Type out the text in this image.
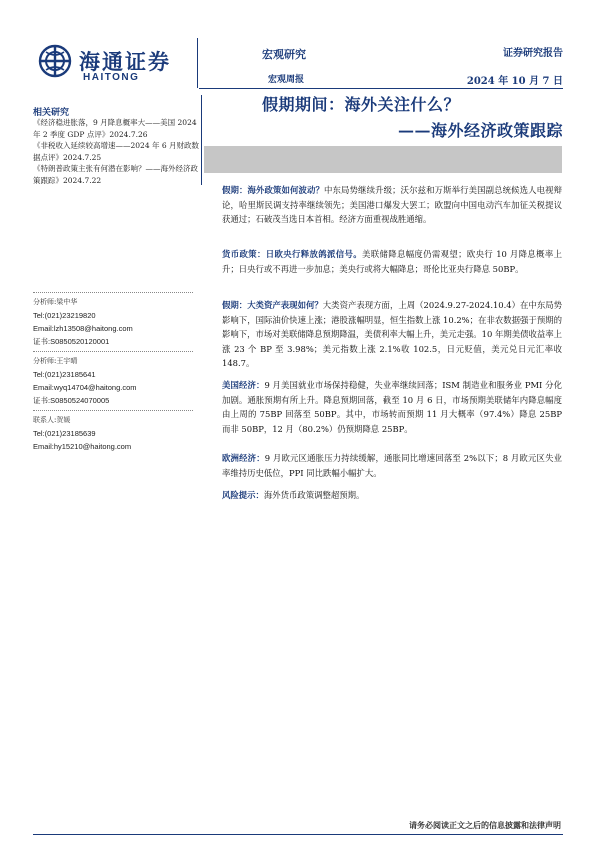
海通证券
HAITONG
宏观研究
宏观周报
证券研究报告
2024 年 10 月 7 日
假期期间：海外关注什么？
——海外经济政策跟踪
相关研究
《经济稳进胀落，9 月降息概率大——美国 2024 年 2 季度 GDP 点评》2024.7.26
《非税收入延续较高增速——2024 年 6 月财政数据点评》2024.7.25
《特朗普政策主张有何潜在影响？——海外经济政策跟踪》2024.7.22
分析师:梁中华
Tel:(021)23219820
Email:lzh13508@haitong.com
证书:S0850520120001
分析师:王宇晴
Tel:(021)23185641
Email:wyq14704@haitong.com
证书:S0850524070005
联系人:贺媛
Tel:(021)23185639
Email:hy15210@haitong.com
假期：海外政策如何波动？中东局势继续升级；沃尔兹和万斯举行美国副总统候选人电视辩论，哈里斯民调支持率继续领先；美国港口爆发大罢工；欧盟向中国电动汽车加征关税提议获通过；石破茂当选日本首相。经济方面重视战胜通缩。
货币政策：日欧央行释放鸽派信号。美联储降息幅度仍需观望；欧央行 10 月降息概率上升；日央行或不再进一步加息；美央行或将大幅降息；哥伦比亚央行降息 50BP。
假期：大类资产表现如何？大类资产表现方面，上周（2024.9.27-2024.10.4）在中东局势影响下，国际油价快速上涨；港股涨幅明显，恒生指数上涨 10.2%；在非农数据强于预期的影响下，市场对美联储降息预期降温，美债利率大幅上升，美元走强。10 年期美债收益率上涨 23 个 BP 至 3.98%；美元指数上涨 2.1%收 102.5，日元贬值，美元兑日元汇率收 148.7。
美国经济：9 月美国就业市场保持稳健，失业率继续回落；ISM 制造业和服务业 PMI 分化加剧。通胀预期有所上升。降息预期回落，截至 10 月 6 日，市场预期美联储年内降息幅度由上周的 75BP 回落至 50BP。其中，市场转而预期 11 月大概率（97.4%）降息 25BP 而非 50BP，12 月（80.2%）仍预期降息 25BP。
欧洲经济：9 月欧元区通胀压力持续缓解，通胀同比增速回落至 2%以下；8 月欧元区失业率维持历史低位，PPI 同比跌幅小幅扩大。
风险提示：海外货币政策调整超预期。
请务必阅读正文之后的信息披露和法律声明
